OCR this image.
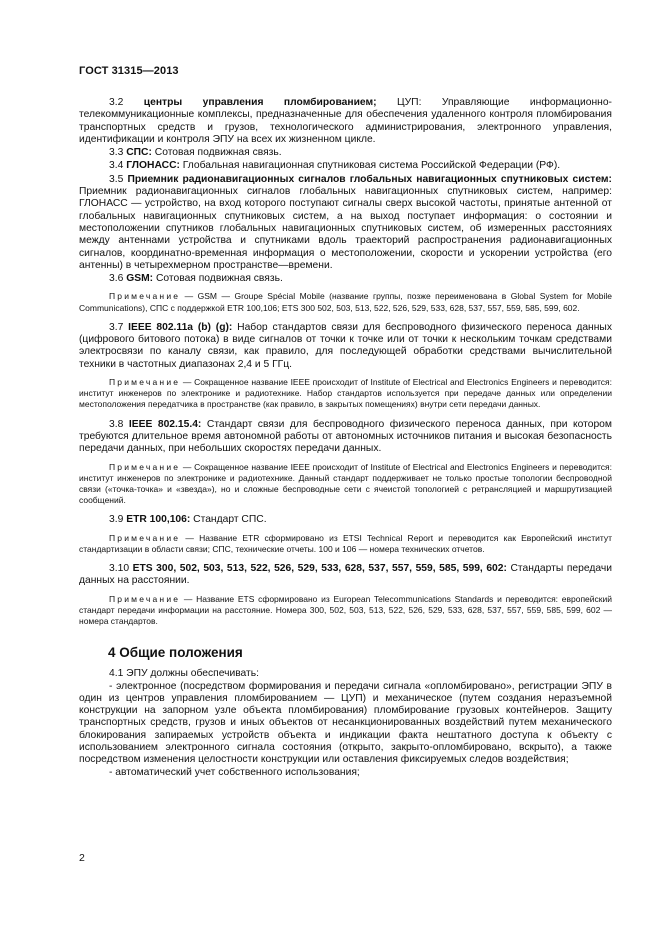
ГОСТ 31315—2013

3.2 центры управления пломбированием; ЦУП: Управляющие информационно-телекоммуникационные комплексы, предназначенные для обеспечения удаленного контроля пломбирования транспортных средств и грузов, технологического администрирования, электронного управления, идентификации и контроля ЭПУ на всех их жизненном цикле.

3.3 СПС: Сотовая подвижная связь.

3.4 ГЛОНАСС: Глобальная навигационная спутниковая система Российской Федерации (РФ).

3.5 Приемник радионавигационных сигналов глобальных навигационных спутниковых систем: Приемник радионавигационных сигналов глобальных навигационных спутниковых систем, например: ГЛОНАСС — устройство, на вход которого поступают сигналы сверх высокой частоты, принятые антенной от глобальных навигационных спутниковых систем, а на выход поступает информация: о состоянии и местоположении спутников глобальных навигационных спутниковых систем, об измеренных расстояниях между антеннами устройства и спутниками вдоль траекторий распространения радионавигационных сигналов, координатно-временная информация о местоположении, скорости и ускорении устройства (его антенны) в четырехмерном пространстве—времени.

3.6 GSM: Сотовая подвижная связь.

Примечание — GSM — Groupe Spécial Mobile (название группы, позже переименована в Global System for Mobile Communications), СПС с поддержкой ETR 100,106; ETS 300 502, 503, 513, 522, 526, 529, 533, 628, 537, 557, 559, 585, 599, 602.

3.7 IEEE 802.11a (b) (g): Набор стандартов связи для беспроводного физического переноса данных (цифрового битового потока) в виде сигналов от точки к точке или от точки к нескольким точкам средствами электросвязи по каналу связи, как правило, для последующей обработки средствами вычислительной техники в частотных диапазонах 2,4 и 5 ГГц.

Примечание — Сокращенное название IEEE происходит of Institute of Electrical and Electronics Engineers и переводится: институт инженеров по электронике и радиотехнике. Набор стандартов используется при передаче данных или определении местоположения передатчика в пространстве (как правило, в закрытых помещениях) внутри сети передачи данных.

3.8 IEEE 802.15.4: Стандарт связи для беспроводного физического переноса данных, при котором требуются длительное время автономной работы от автономных источников питания и высокая безопасность передачи данных, при небольших скоростях передачи данных.

Примечание — Сокращенное название IEEE происходит of Institute of Electrical and Electronics Engineers и переводится: институт инженеров по электронике и радиотехнике. Данный стандарт поддерживает не только простые топологии беспроводной связи («точка-точка» и «звезда»), но и сложные беспроводные сети с ячеистой топологией с ретрансляцией и маршрутизацией сообщений.

3.9 ETR 100,106: Стандарт СПС.

Примечание — Название ETR сформировано из ETSI Technical Report и переводится как Европейский институт стандартизации в области связи; СПС, технические отчеты. 100 и 106 — номера технических отчетов.

3.10 ETS 300, 502, 503, 513, 522, 526, 529, 533, 628, 537, 557, 559, 585, 599, 602: Стандарты передачи данных на расстоянии.

Примечание — Название ETS сформировано из European Telecommunications Standards и переводится: европейский стандарт передачи информации на расстояние. Номера 300, 502, 503, 513, 522, 526, 529, 533, 628, 537, 557, 559, 585, 599, 602 — номера стандартов.

4 Общие положения

4.1 ЭПУ должны обеспечивать:

- электронное (посредством формирования и передачи сигнала «опломбировано», регистрации ЭПУ в один из центров управления пломбированием — ЦУП) и механическое (путем создания неразъемной конструкции на запорном узле объекта пломбирования) пломбирование грузовых контейнеров. Защиту транспортных средств, грузов и иных объектов от несанкционированных воздействий путем механического блокирования запираемых устройств объекта и индикации факта нештатного доступа к объекту с использованием электронного сигнала состояния (открыто, закрыто-опломбировано, вскрыто), а также посредством изменения целостности конструкции или оставления фиксируемых следов воздействия;

- автоматический учет собственного использования;

2
